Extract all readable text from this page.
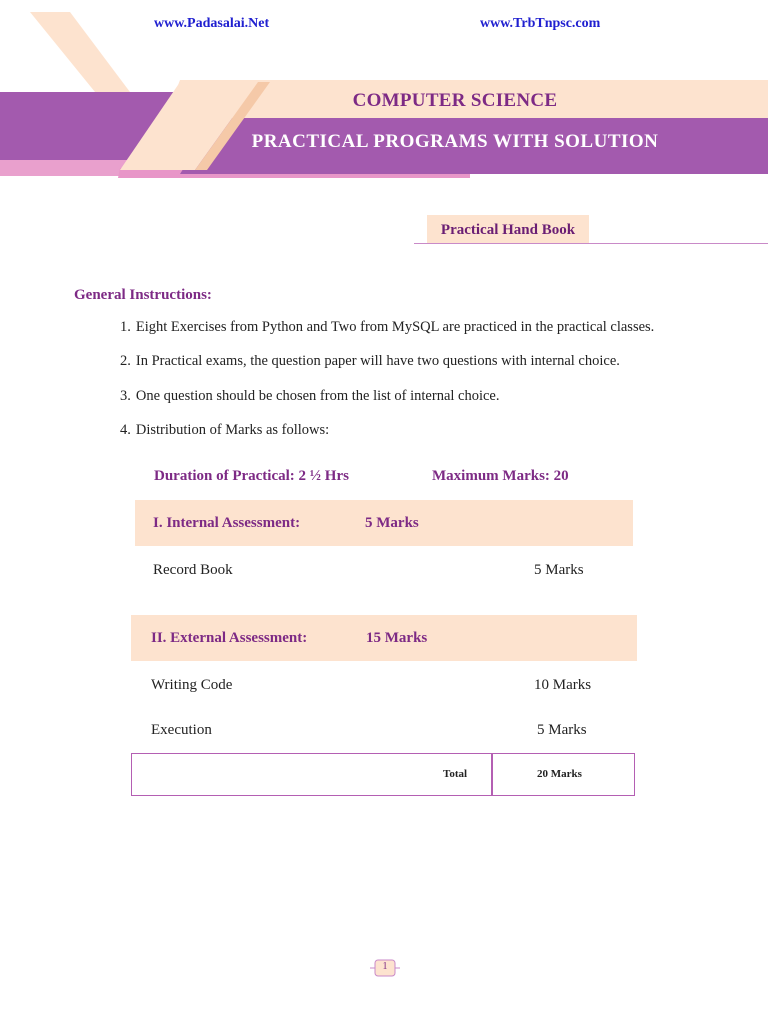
www.Padasalai.Net	www.TrbTnpsc.com
COMPUTER SCIENCE
PRACTICAL PROGRAMS WITH SOLUTION
Practical Hand Book
General Instructions:
1. Eight Exercises from Python and Two from MySQL are practiced in the practical classes.
2. In Practical exams, the question paper will have two questions with internal choice.
3. One question should be chosen from the list of internal choice.
4. Distribution of Marks as follows:
Duration of Practical: 2 ½ Hrs	Maximum Marks: 20
I. Internal Assessment:	5 Marks
Record Book	5 Marks
II. External Assessment:	15 Marks
Writing Code	10 Marks
Execution	5 Marks
Total	20 Marks
1
